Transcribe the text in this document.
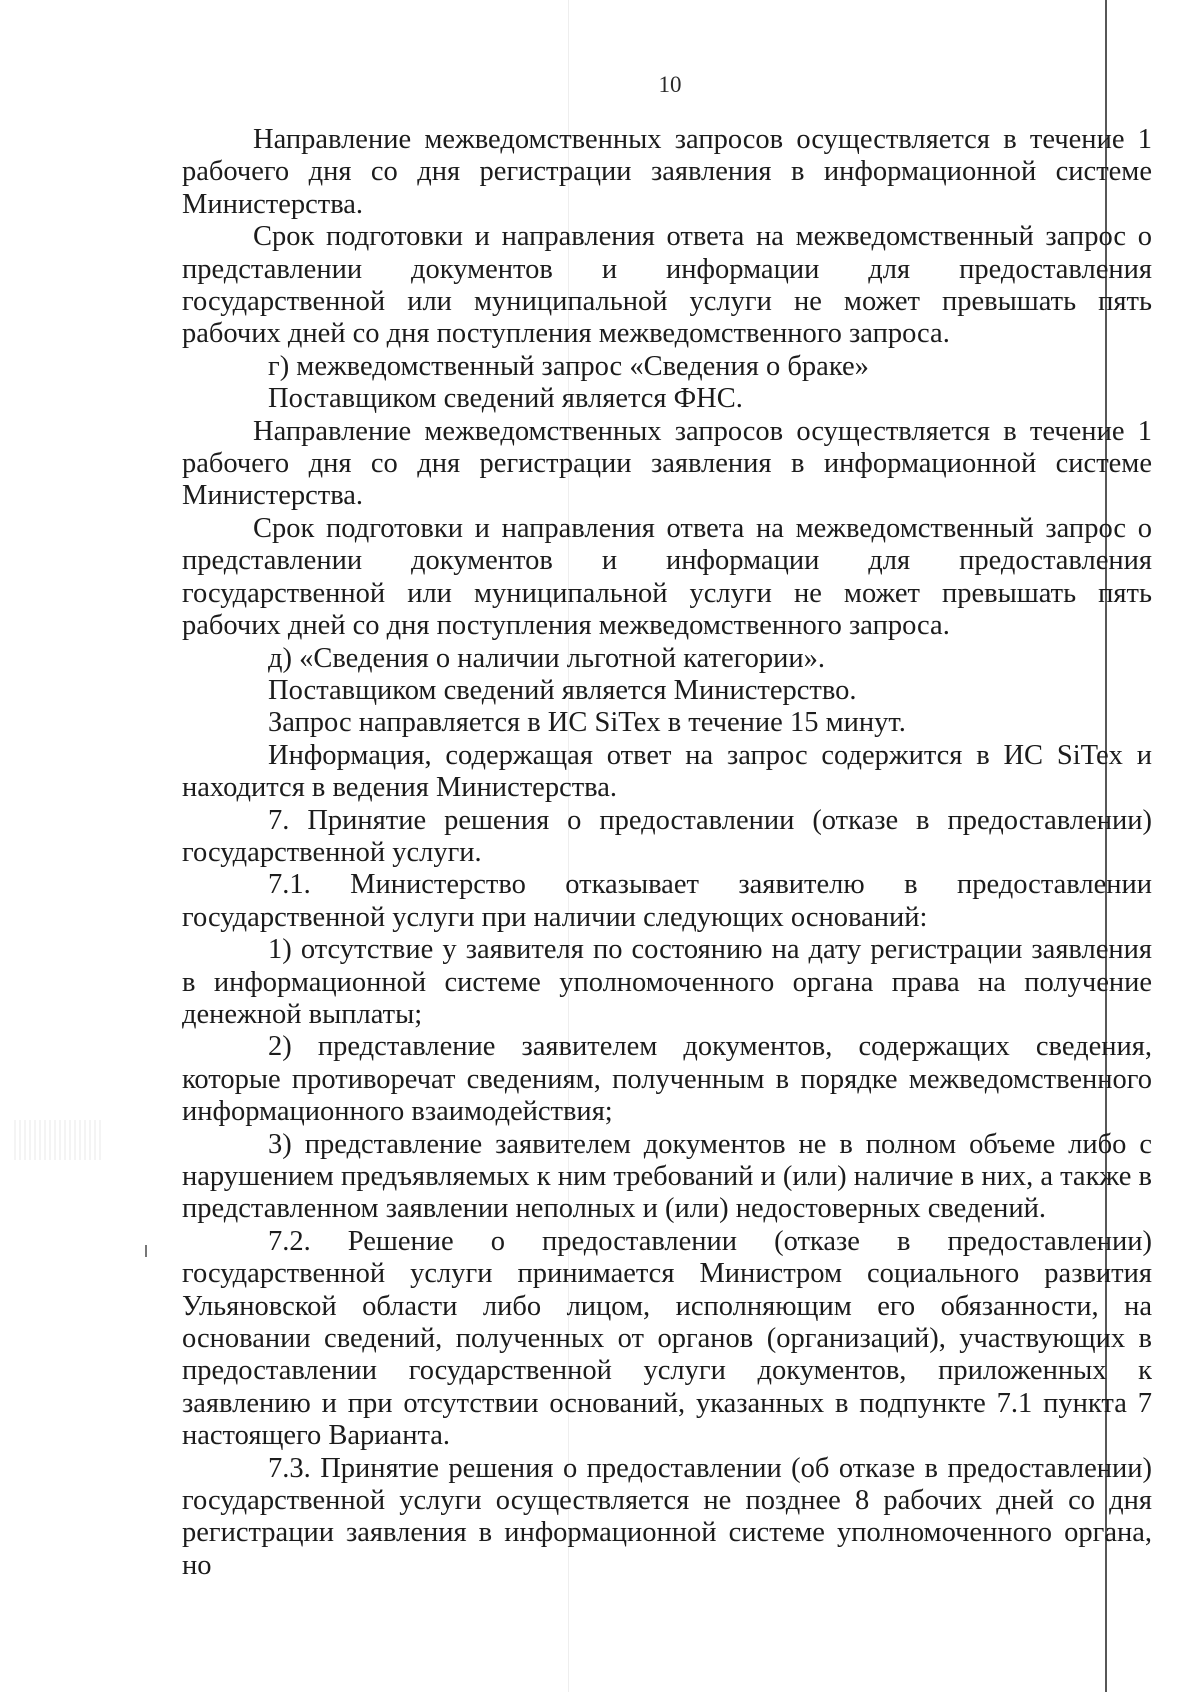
10

Направление межведомственных запросов осуществляется в течение 1 рабочего дня со дня регистрации заявления в информационной системе Министерства.

Срок подготовки и направления ответа на межведомственный запрос о представлении документов и информации для предоставления государственной или муниципальной услуги не может превышать пять рабочих дней со дня поступления межведомственного запроса.

г) межведомственный запрос «Сведения о браке»

Поставщиком сведений является ФНС.

Направление межведомственных запросов осуществляется в течение 1 рабочего дня со дня регистрации заявления в информационной системе Министерства.

Срок подготовки и направления ответа на межведомственный запрос о представлении документов и информации для предоставления государственной или муниципальной услуги не может превышать пять рабочих дней со дня поступления межведомственного запроса.

д) «Сведения о наличии льготной категории».

Поставщиком сведений является Министерство.

Запрос направляется в ИС SiTex в течение 15 минут.

Информация, содержащая ответ на запрос содержится в ИС SiTex и находится в ведения Министерства.

7. Принятие решения о предоставлении (отказе в предоставлении) государственной услуги.

7.1. Министерство отказывает заявителю в предоставлении государственной услуги при наличии следующих оснований:

1) отсутствие у заявителя по состоянию на дату регистрации заявления в информационной системе уполномоченного органа права на получение денежной выплаты;

2) представление заявителем документов, содержащих сведения, которые противоречат сведениям, полученным в порядке межведомственного информационного взаимодействия;

3) представление заявителем документов не в полном объеме либо с нарушением предъявляемых к ним требований и (или) наличие в них, а также в представленном заявлении неполных и (или) недостоверных сведений.

7.2. Решение о предоставлении (отказе в предоставлении) государственной услуги принимается Министром социального развития Ульяновской области либо лицом, исполняющим его обязанности, на основании сведений, полученных от органов (организаций), участвующих в предоставлении государственной услуги документов, приложенных к заявлению и при отсутствии оснований, указанных в подпункте 7.1 пункта 7 настоящего Варианта.

7.3. Принятие решения о предоставлении (об отказе в предоставлении) государственной услуги осуществляется не позднее 8 рабочих дней со дня регистрации заявления в информационной системе уполномоченного органа, но
